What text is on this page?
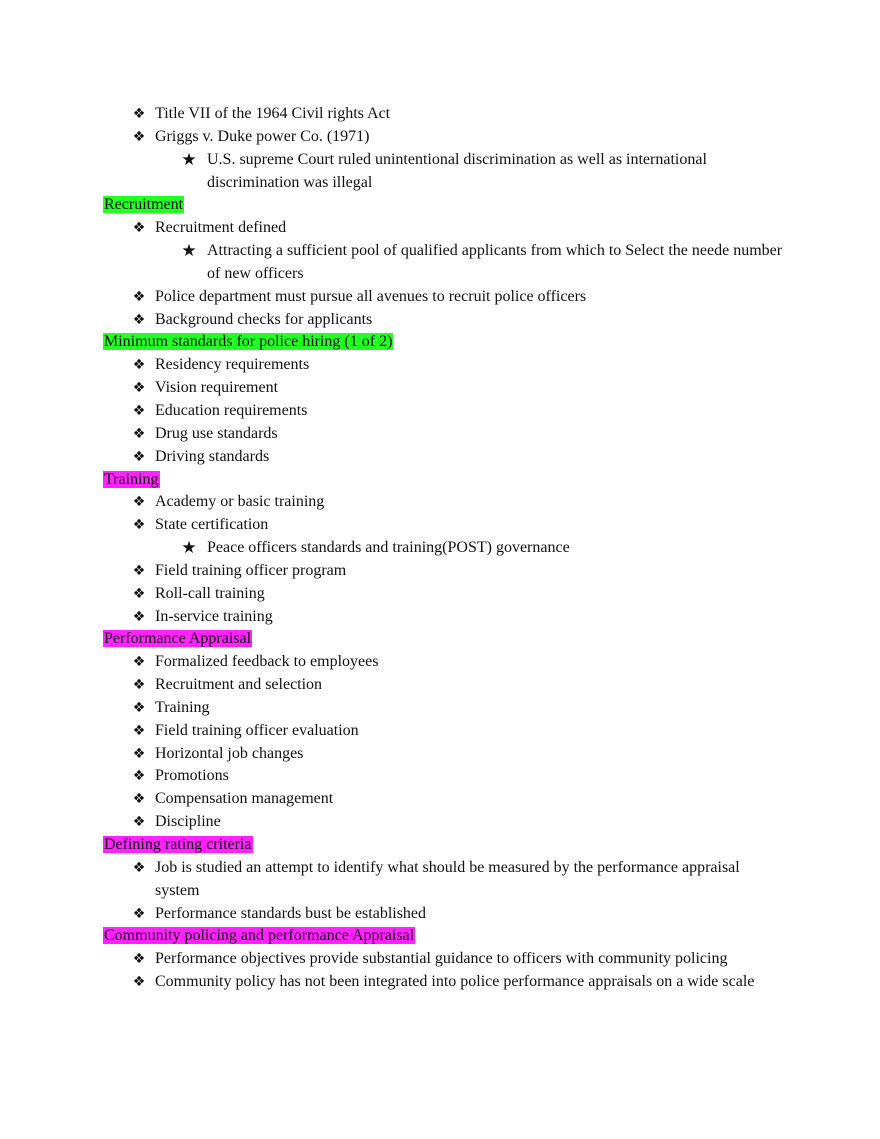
❖ Title VII of the 1964 Civil rights Act
❖ Griggs v. Duke power Co. (1971)
★ U.S. supreme Court ruled unintentional discrimination as well as international discrimination was illegal
Recruitment
❖ Recruitment defined
★ Attracting a sufficient pool of qualified applicants from which to Select the neede number of new officers
❖ Police department must pursue all avenues to recruit police officers
❖ Background checks for applicants
Minimum standards for police hiring (1 of 2)
❖ Residency requirements
❖ Vision requirement
❖ Education requirements
❖ Drug use standards
❖ Driving standards
Training
❖ Academy or basic training
❖ State certification
★ Peace officers standards and training(POST) governance
❖ Field training officer program
❖ Roll-call training
❖ In-service training
Performance Appraisal
❖ Formalized feedback to employees
❖ Recruitment and selection
❖ Training
❖ Field training officer evaluation
❖ Horizontal job changes
❖ Promotions
❖ Compensation management
❖ Discipline
Defining rating criteria
❖ Job is studied an attempt to identify what should be measured by the performance appraisal system
❖ Performance standards bust be established
Community policing and performance Appraisal
❖ Performance objectives provide substantial guidance to officers with community policing
❖ Community policy has not been integrated into police performance appraisals on a wide scale
